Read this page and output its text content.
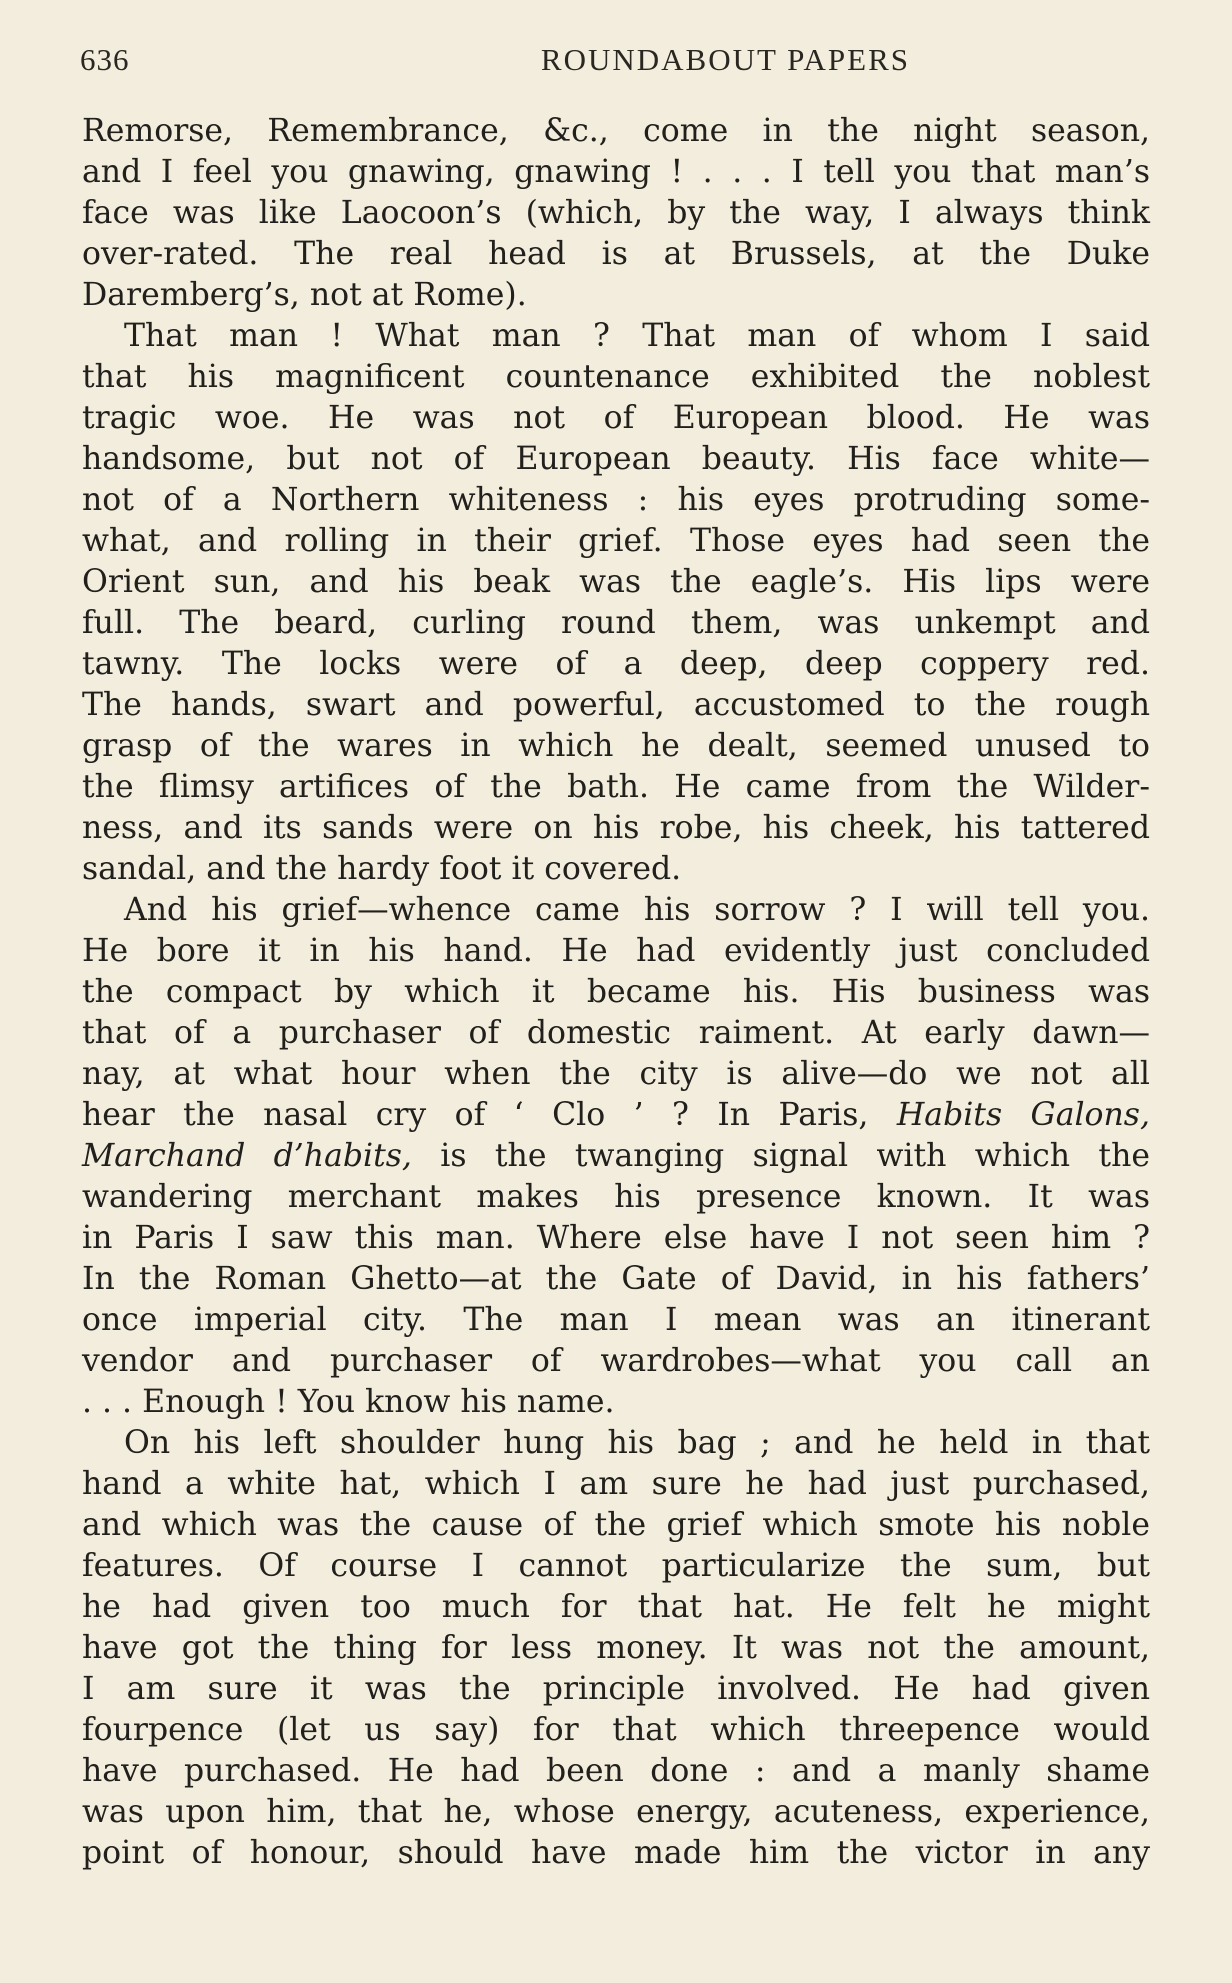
636	ROUNDABOUT PAPERS
Remorse, Remembrance, &c., come in the night season,
and I feel you gnawing, gnawing ! . . . I tell you that man’s
face was like Laocoon’s (which, by the way, I always think
over-rated. The real head is at Brussels, at the Duke
Daremberg’s, not at Rome).
That man ! What man ? That man of whom I said
that his magnificent countenance exhibited the noblest
tragic woe. He was not of European blood. He was
handsome, but not of European beauty. His face white—
not of a Northern whiteness : his eyes protruding some-
what, and rolling in their grief. Those eyes had seen the
Orient sun, and his beak was the eagle’s. His lips were
full. The beard, curling round them, was unkempt and
tawny. The locks were of a deep, deep coppery red.
The hands, swart and powerful, accustomed to the rough
grasp of the wares in which he dealt, seemed unused to
the flimsy artifices of the bath. He came from the Wilder-
ness, and its sands were on his robe, his cheek, his tattered
sandal, and the hardy foot it covered.
And his grief—whence came his sorrow ? I will tell you.
He bore it in his hand. He had evidently just concluded
the compact by which it became his. His business was
that of a purchaser of domestic raiment. At early dawn—
nay, at what hour when the city is alive—do we not all
hear the nasal cry of ‘ Clo ’ ? In Paris, Habits Galons,
Marchand d’habits, is the twanging signal with which the
wandering merchant makes his presence known. It was
in Paris I saw this man. Where else have I not seen him ?
In the Roman Ghetto—at the Gate of David, in his fathers’
once imperial city. The man I mean was an itinerant
vendor and purchaser of wardrobes—what you call an
. . . Enough ! You know his name.
On his left shoulder hung his bag ; and he held in that
hand a white hat, which I am sure he had just purchased,
and which was the cause of the grief which smote his noble
features. Of course I cannot particularize the sum, but
he had given too much for that hat. He felt he might
have got the thing for less money. It was not the amount,
I am sure it was the principle involved. He had given
fourpence (let us say) for that which threepence would
have purchased. He had been done : and a manly shame
was upon him, that he, whose energy, acuteness, experience,
point of honour, should have made him the victor in any
